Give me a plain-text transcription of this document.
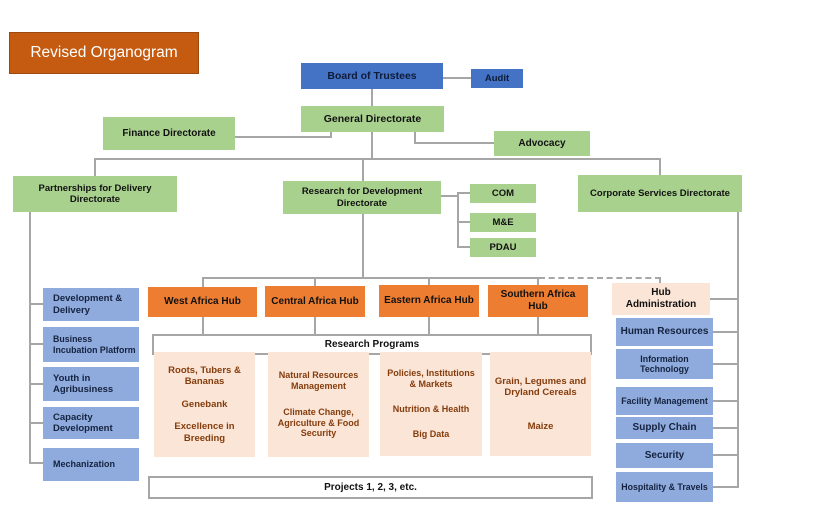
Revised Organogram
Board of Trustees	Audit
General Directorate
Finance Directorate
Advocacy
Partnerships for Delivery Directorate
Research for Development Directorate
Corporate Services Directorate
COM
M&E
PDAU
Development & Delivery
Business Incubation Platform
Youth in Agribusiness
Capacity Development
Mechanization
West Africa Hub	Central Africa Hub	Eastern Africa Hub
Southern Africa Hub
Hub Administration
Human Resources
Information Technology
Facility Management
Supply Chain
Security
Hospitality & Travels
Research Programs
Roots, Tubers & Bananas
Genebank
Excellence in Breeding
Natural Resources Management
Climate Change, Agriculture & Food Security
Policies, Institutions & Markets
Nutrition & Health
Big Data
Grain, Legumes and Dryland Cereals
Maize
Projects 1, 2, 3, etc.
